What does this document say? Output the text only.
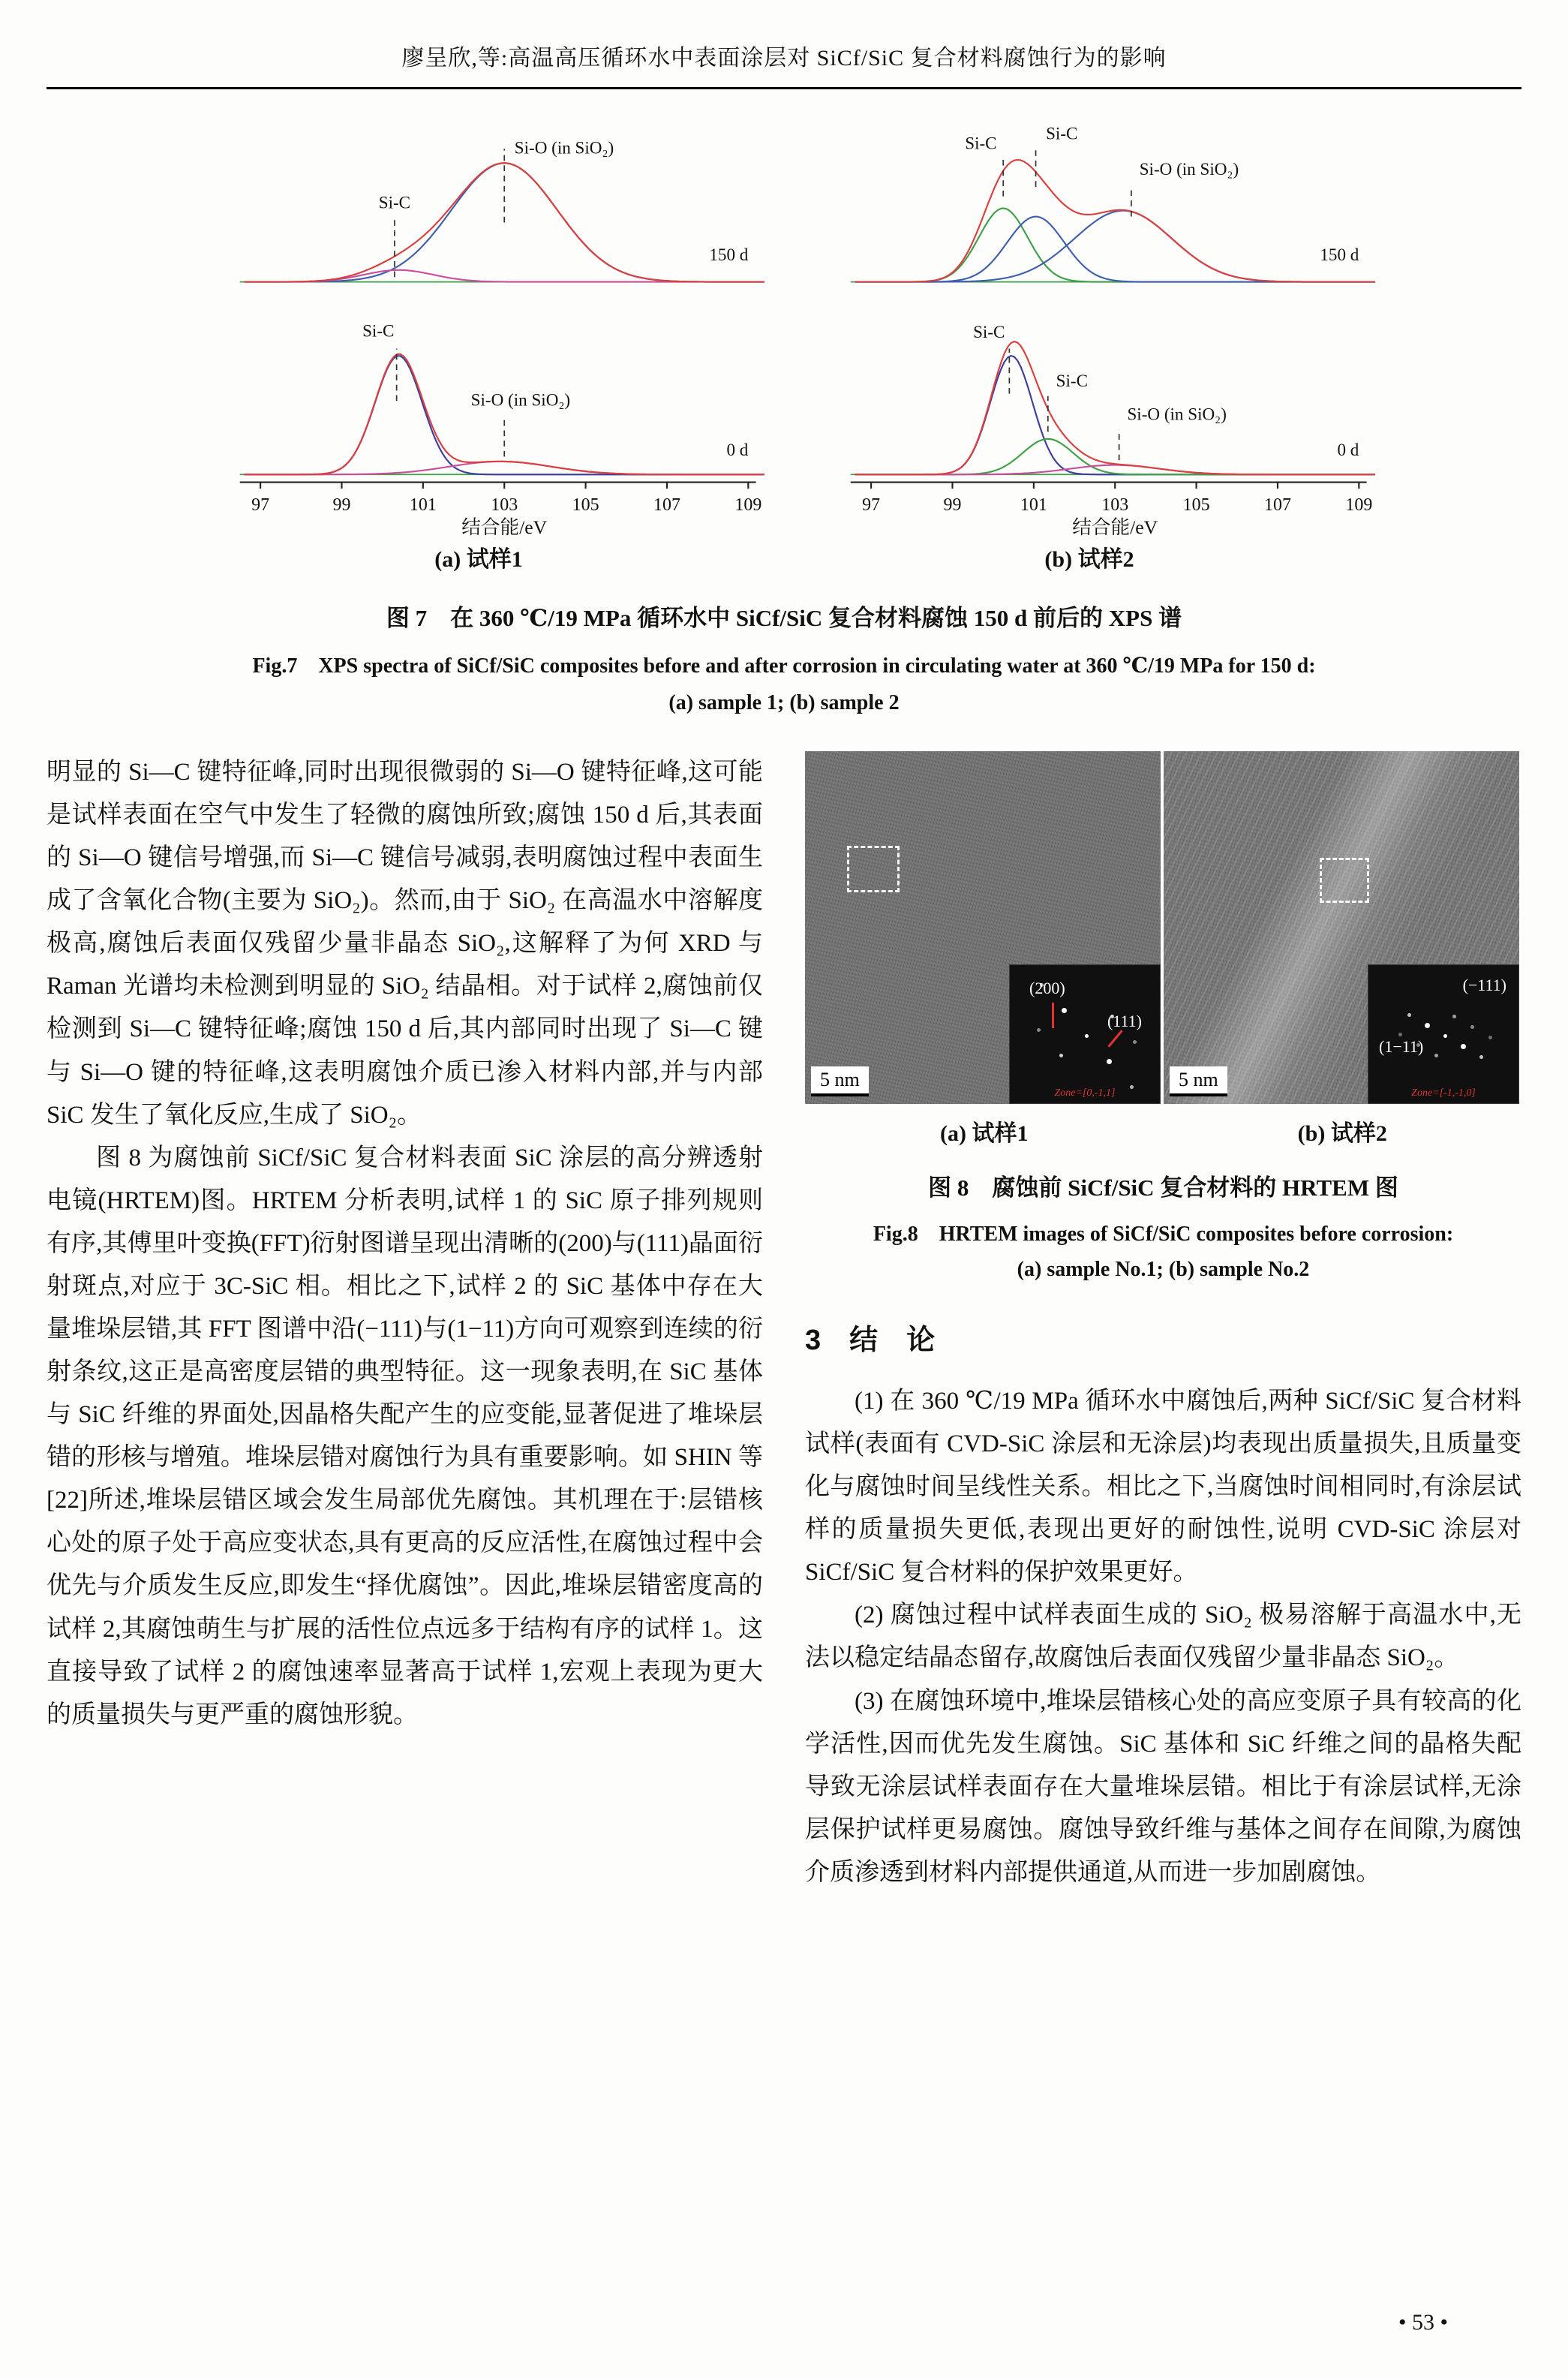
廖呈欣,等:高温高压循环水中表面涂层对 SiCf/SiC 复合材料腐蚀行为的影响
97	99	101	103	105	107	109
结合能/eV
Si-C
Si-O (in SiO₂)
150 d
Si-C
Si-O (in SiO₂)
0 d
(a) 试样1
97	99	101	103	105	107	109
结合能/eV
Si-C Si-C
Si-O (in SiO₂)
150 d
Si-C
Si-C
Si-O (in SiO₂)
0 d
(b) 试样2
图 7　在 360 ℃/19 MPa 循环水中 SiCf/SiC 复合材料腐蚀 150 d 前后的 XPS 谱
Fig.7　XPS spectra of SiCf/SiC composites before and after corrosion in circulating water at 360 ℃/19 MPa for 150 d:
(a) sample 1; (b) sample 2

明显的 Si—C 键特征峰,同时出现很微弱的 Si—O 键特征峰,这可能是试样表面在空气中发生了轻微的腐蚀所致;腐蚀 150 d 后,其表面的 Si—O 键信号增强,而 Si—C 键信号减弱,表明腐蚀过程中表面生成了含氧化合物(主要为 SiO₂)。然而,由于 SiO₂ 在高温水中溶解度极高,腐蚀后表面仅残留少量非晶态 SiO₂,这解释了为何 XRD 与 Raman 光谱均未检测到明显的 SiO₂ 结晶相。对于试样 2,腐蚀前仅检测到 Si—C 键特征峰;腐蚀 150 d 后,其内部同时出现了 Si—C 键与 Si—O 键的特征峰,这表明腐蚀介质已渗入材料内部,并与内部 SiC 发生了氧化反应,生成了 SiO₂。

图 8 为腐蚀前 SiCf/SiC 复合材料表面 SiC 涂层的高分辨透射电镜(HRTEM)图。HRTEM 分析表明,试样 1 的 SiC 原子排列规则有序,其傅里叶变换(FFT)衍射图谱呈现出清晰的(200)与(111)晶面衍射斑点,对应于 3C-SiC 相。相比之下,试样 2 的 SiC 基体中存在大量堆垛层错,其 FFT 图谱中沿(−111)与(1−11)方向可观察到连续的衍射条纹,这正是高密度层错的典型特征。这一现象表明,在 SiC 基体与 SiC 纤维的界面处,因晶格失配产生的应变能,显著促进了堆垛层错的形核与增殖。堆垛层错对腐蚀行为具有重要影响。如 SHIN 等[22]所述,堆垛层错区域会发生局部优先腐蚀。其机理在于:层错核心处的原子处于高应变状态,具有更高的反应活性,在腐蚀过程中会优先与介质发生反应,即发生“择优腐蚀”。因此,堆垛层错密度高的试样 2,其腐蚀萌生与扩展的活性位点远多于结构有序的试样 1。这直接导致了试样 2 的腐蚀速率显著高于试样 1,宏观上表现为更大的质量损失与更严重的腐蚀形貌。

(200)
(111)
Zone=[0,-1,1]
5 nm
(−111)
(1−11)
Zone=[-1,-1,0]
5 nm
(a) 试样1	(b) 试样2
图 8　腐蚀前 SiCf/SiC 复合材料的 HRTEM 图
Fig.8　HRTEM images of SiCf/SiC composites before corrosion:
(a) sample No.1; (b) sample No.2
3　结　论

(1) 在 360 ℃/19 MPa 循环水中腐蚀后,两种 SiCf/SiC 复合材料试样(表面有 CVD-SiC 涂层和无涂层)均表现出质量损失,且质量变化与腐蚀时间呈线性关系。相比之下,当腐蚀时间相同时,有涂层试样的质量损失更低,表现出更好的耐蚀性,说明 CVD-SiC 涂层对 SiCf/SiC 复合材料的保护效果更好。

(2) 腐蚀过程中试样表面生成的 SiO₂ 极易溶解于高温水中,无法以稳定结晶态留存,故腐蚀后表面仅残留少量非晶态 SiO₂。

(3) 在腐蚀环境中,堆垛层错核心处的高应变原子具有较高的化学活性,因而优先发生腐蚀。SiC 基体和 SiC 纤维之间的晶格失配导致无涂层试样表面存在大量堆垛层错。相比于有涂层试样,无涂层保护试样更易腐蚀。腐蚀导致纤维与基体之间存在间隙,为腐蚀介质渗透到材料内部提供通道,从而进一步加剧腐蚀。

• 53 •
